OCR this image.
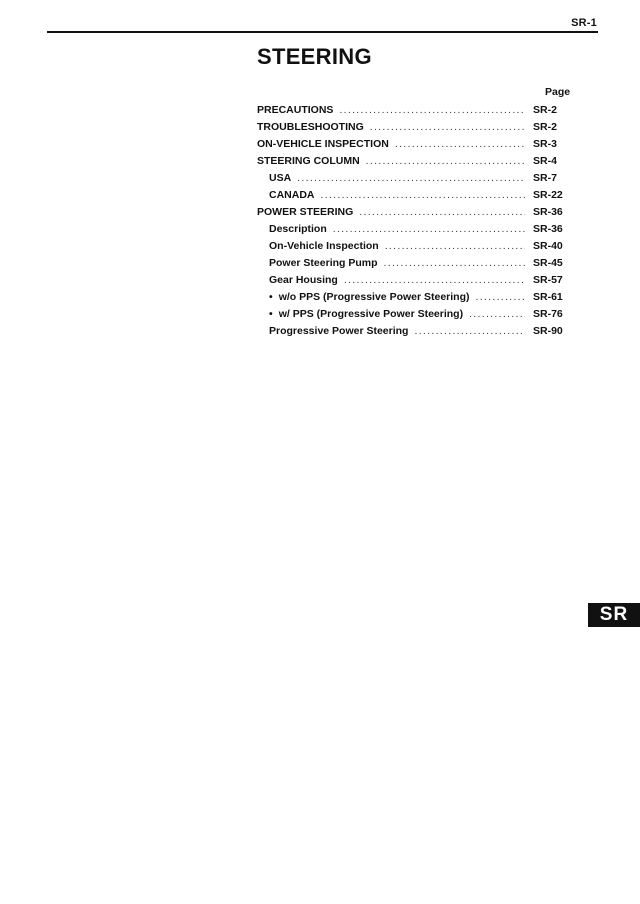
SR-1
STEERING
Page
PRECAUTIONS .....	SR-2
TROUBLESHOOTING .....	SR-2
ON-VEHICLE INSPECTION .....	SR-3
STEERING COLUMN .....	SR-4
USA .....	SR-7
CANADA .....	SR-22
POWER STEERING .....	SR-36
Description .....	SR-36
On-Vehicle Inspection .....	SR-40
Power Steering Pump .....	SR-45
Gear Housing .....	SR-57
• w/o PPS (Progressive Power Steering) .....	SR-61
• w/ PPS (Progressive Power Steering) .....	SR-76
Progressive Power Steering .....	SR-90
SR
